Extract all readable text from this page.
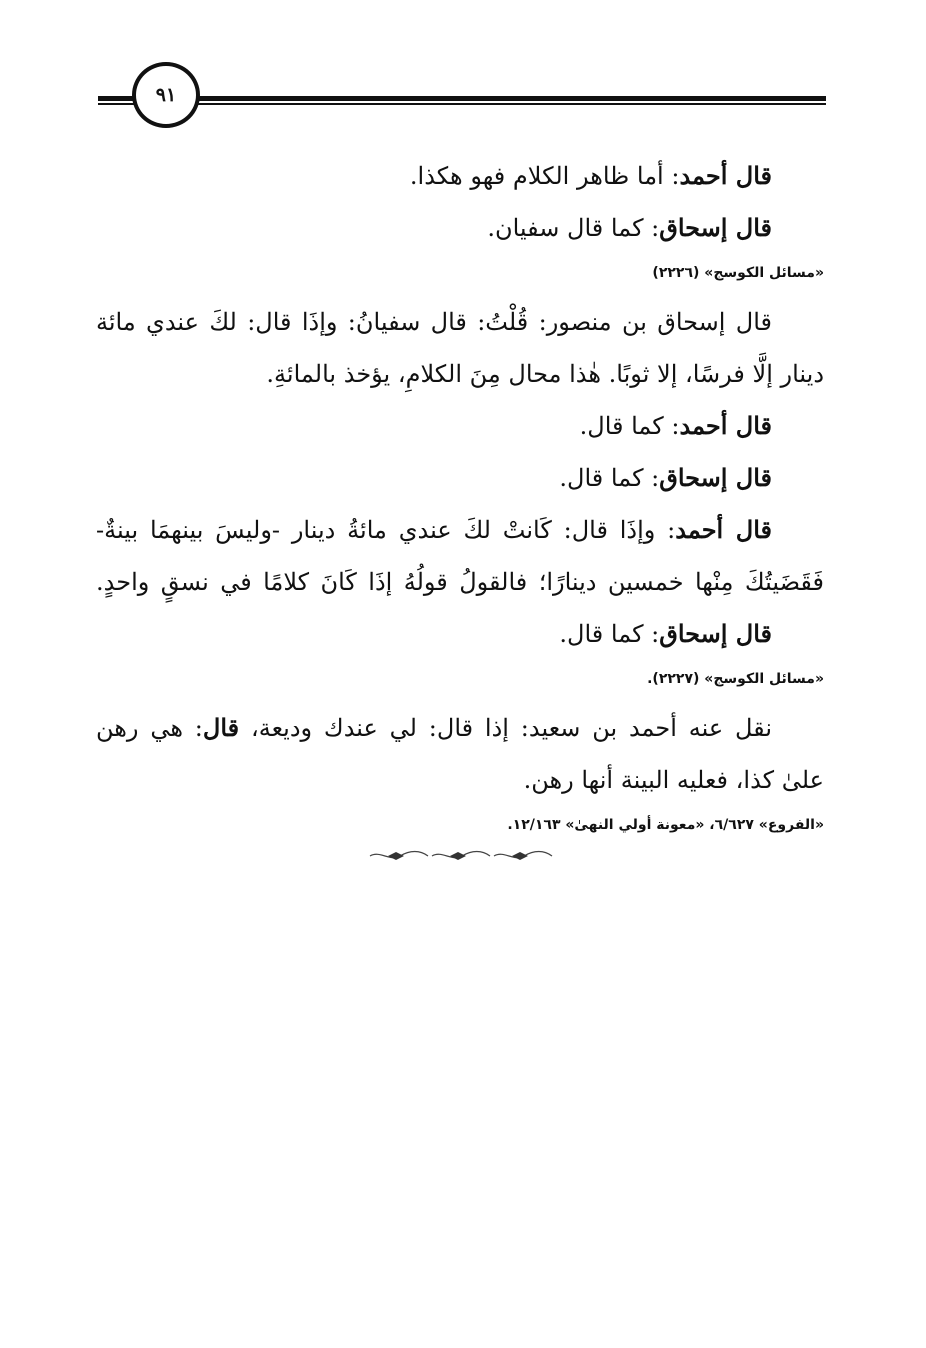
٩١

قال أحمد: أما ظاهر الكلام فهو هكذا.

قال إسحاق: كما قال سفيان.

«مسائل الكوسج» (٢٢٢٦)

قال إسحاق بن منصور: قُلْتُ: قال سفيانُ: وإذَا قال: لكَ عندي مائة

دينار إلَّا فرسًا، إلا ثوبًا. هٰذا محال مِنَ الكلامِ، يؤخذ بالمائةِ.

قال أحمد: كما قال.

قال إسحاق: كما قال.

قال أحمد: وإذَا قال: كَانتْ لكَ عندي مائةُ دينار -وليسَ بينهمَا بينةٌ-

فَقَضَيتُكَ مِنْها خمسين دينارًا؛ فالقولُ قولُهُ إذَا كَانَ كلامًا في نسقٍ واحدٍ.

قال إسحاق: كما قال.

«مسائل الكوسج» (٢٢٢٧).

نقل عنه أحمد بن سعيد: إذا قال: لي عندك وديعة، قال: هي رهن

علىٰ كذا، فعليه البينة أنها رهن.

«الفروع» ٦/٦٢٧، «معونة أولي النهىٰ» ١٢/١٦٣.
